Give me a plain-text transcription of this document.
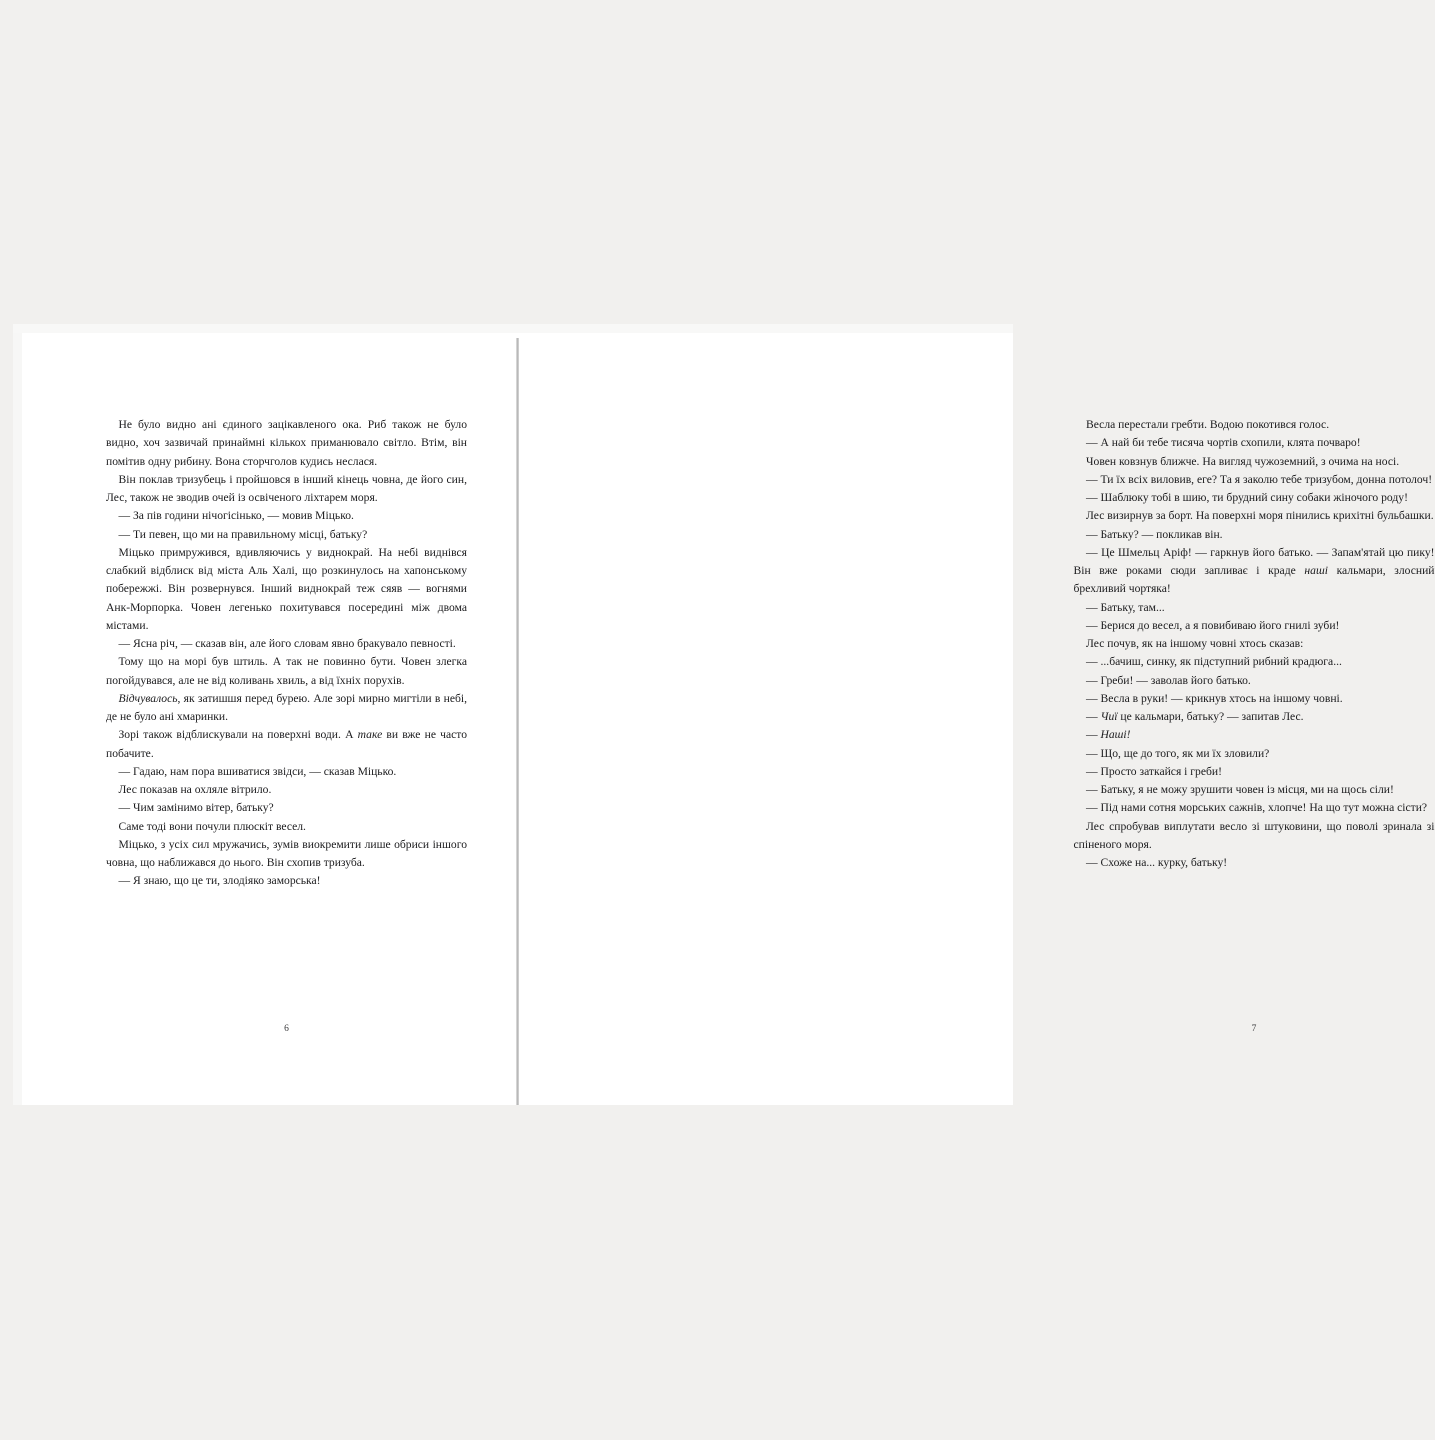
Не було видно ані єдиного зацікавленого ока. Риб також не було видно, хоч зазвичай принаймні кількох приманювало світло. Втім, він помітив одну рибину. Вона сторчголов кудись неслася.

Він поклав тризубець і пройшовся в інший кінець човна, де його син, Лес, також не зводив очей із освіченого ліхтарем моря.

— За пів години нічогісінько, — мовив Міцько.

— Ти певен, що ми на правильному місці, батьку?

Міцько примружився, вдивляючись у виднокрай. На небі виднівся слабкий відблиск від міста Аль Халі, що розкинулось на хапонському побережжі. Він розвернувся. Інший виднокрай теж сяяв — вогнями Анк-Морпорка. Човен легенько похитувався посередині між двома містами.

— Ясна річ, — сказав він, але його словам явно бракувало певності.

Тому що на морі був штиль. А так не повинно бути. Човен злегка погойдувався, але не від коливань хвиль, а від їхніх порухів.

Відчувалось, як затишшя перед бурею. Але зорі мирно мигтіли в небі, де не було ані хмаринки.

Зорі також відблискували на поверхні води. А таке ви вже не часто побачите.

— Гадаю, нам пора вшиватися звідси, — сказав Міцько.

Лес показав на охляле вітрило.

— Чим замінимо вітер, батьку?

Саме тоді вони почули плюскіт весел.

Міцько, з усіх сил мружачись, зумів виокремити лише обриси іншого човна, що наближався до нього. Він схопив тризуба.

— Я знаю, що це ти, злодіяко заморська!

6

Весла перестали гребти. Водою покотився голос.

— А най би тебе тисяча чортів схопили, клята почваро!

Човен ковзнув ближче. На вигляд чужоземний, з очима на носі.

— Ти їх всіх виловив, еге? Та я заколю тебе тризубом, донна потолоч!

— Шаблюку тобі в шию, ти брудний сину собаки жіночого роду!

Лес визирнув за борт. На поверхні моря пінились крихітні бульбашки.

— Батьку? — покликав він.

— Це Шмельц Аріф! — гаркнув його батько. — Запам'ятай цю пику! Він вже роками сюди запливає і краде наші кальмари, злосний брехливий чортяка!

— Батьку, там...

— Берися до весел, а я повибиваю його гнилі зуби!

Лес почув, як на іншому човні хтось сказав:

— ...бачиш, синку, як підступний рибний крадюга...

— Греби! — заволав його батько.

— Весла в руки! — крикнув хтось на іншому човні.

— Чиї це кальмари, батьку? — запитав Лес.

— Наші!

— Що, ще до того, як ми їх зловили?

— Просто заткайся і греби!

— Батьку, я не можу зрушити човен із місця, ми на щось сіли!

— Під нами сотня морських сажнів, хлопче! На що тут можна сісти?

Лес спробував виплутати весло зі штуковини, що поволі зринала зі спіненого моря.

— Схоже на... курку, батьку!

7
